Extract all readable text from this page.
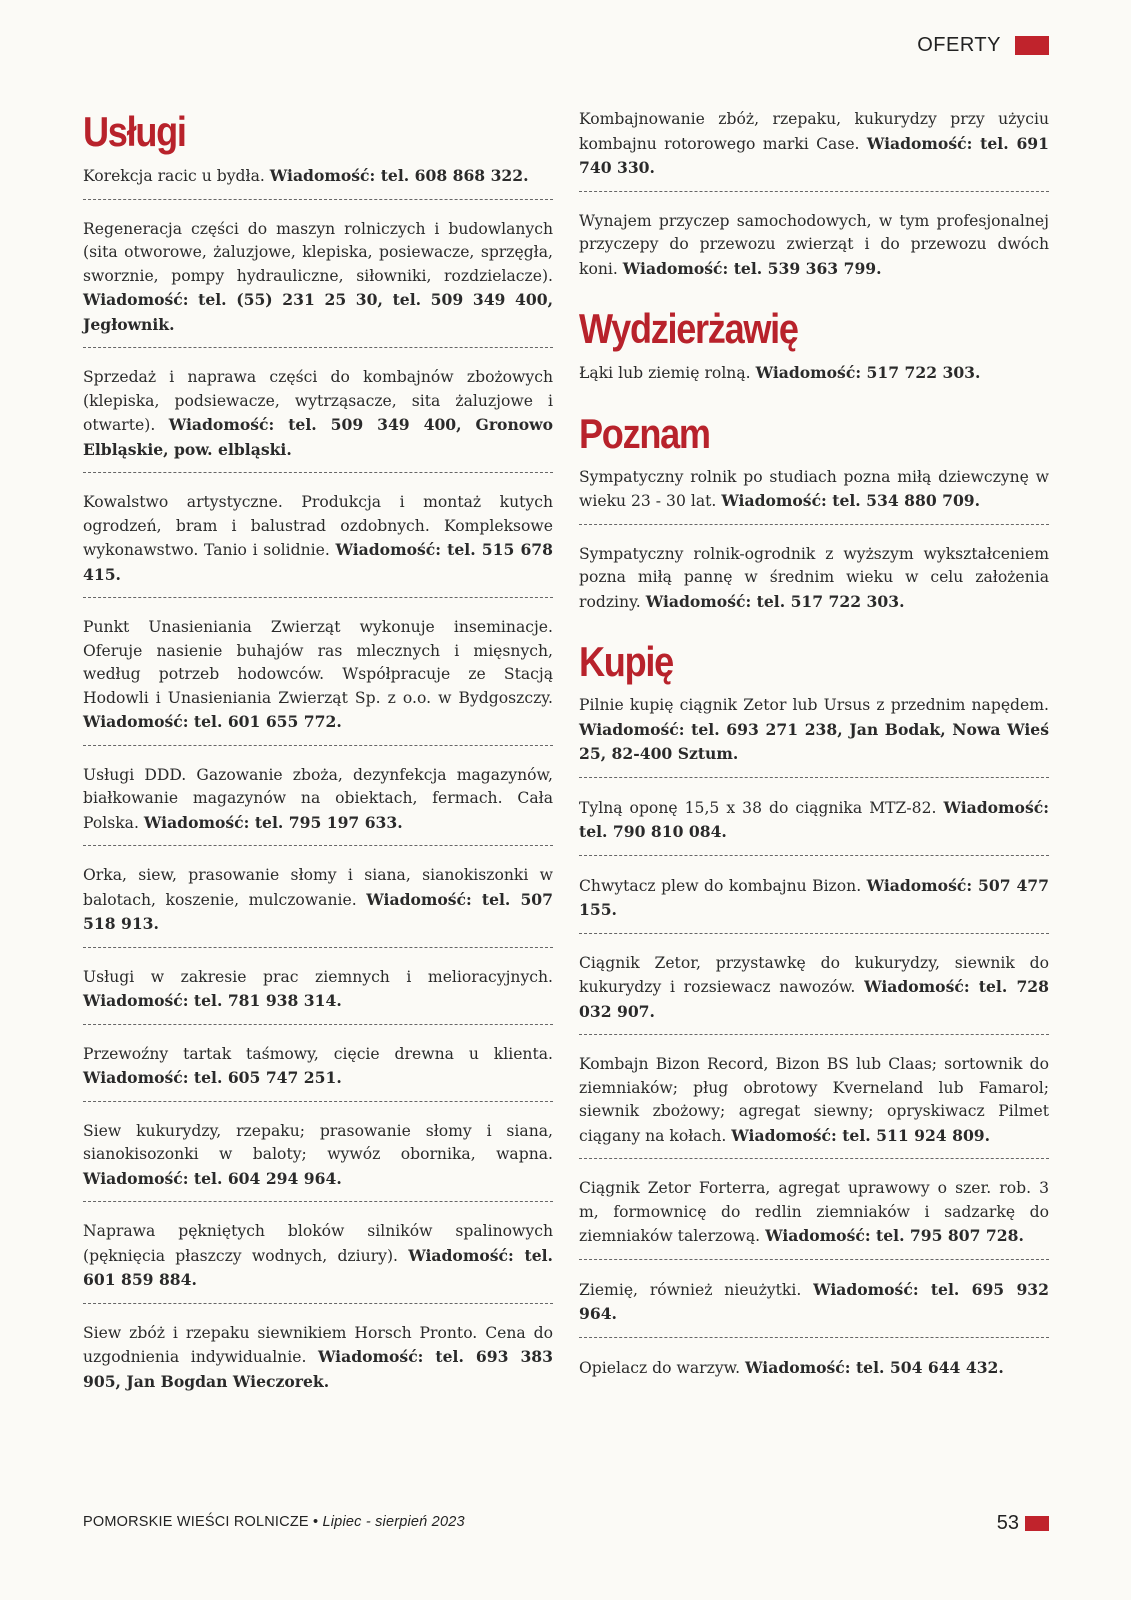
OFERTY
Usługi

Korekcja racic u bydła. Wiadomość: tel. 608 868 322.

Regeneracja części do maszyn rolniczych i budowlanych (sita otworowe, żaluzjowe, klepiska, posiewacze, sprzęgła, sworznie, pompy hydrauliczne, siłowniki, rozdzielacze). Wiadomość: tel. (55) 231 25 30, tel. 509 349 400, Jegłownik.

Sprzedaż i naprawa części do kombajnów zbożowych (klepiska, podsiewacze, wytrząsacze, sita żaluzjowe i otwarte). Wiadomość: tel. 509 349 400, Gronowo Elbląskie, pow. elbląski.

Kowalstwo artystyczne. Produkcja i montaż kutych ogrodzeń, bram i balustrad ozdobnych. Kompleksowe wykonawstwo. Tanio i solidnie. Wiadomość: tel. 515 678 415.

Punkt Unasieniania Zwierząt wykonuje inseminacje. Oferuje nasienie buhajów ras mlecznych i mięsnych, według potrzeb hodowców. Współpracuje ze Stacją Hodowli i Unasieniania Zwierząt Sp. z o.o. w Bydgoszczy. Wiadomość: tel. 601 655 772.

Usługi DDD. Gazowanie zboża, dezynfekcja magazynów, białkowanie magazynów na obiektach, fermach. Cała Polska. Wiadomość: tel. 795 197 633.

Orka, siew, prasowanie słomy i siana, sianokiszonki w balotach, koszenie, mulczowanie. Wiadomość: tel. 507 518 913.

Usługi w zakresie prac ziemnych i melioracyjnych. Wiadomość: tel. 781 938 314.

Przewoźny tartak taśmowy, cięcie drewna u klienta. Wiadomość: tel. 605 747 251.

Siew kukurydzy, rzepaku; prasowanie słomy i siana, sianokisozonki w baloty; wywóz obornika, wapna. Wiadomość: tel. 604 294 964.

Naprawa pękniętych bloków silników spalinowych (pęknięcia płaszczy wodnych, dziury). Wiadomość: tel. 601 859 884.

Siew zbóż i rzepaku siewnikiem Horsch Pronto. Cena do uzgodnienia indywidualnie. Wiadomość: tel. 693 383 905, Jan Bogdan Wieczorek.

Kombajnowanie zbóż, rzepaku, kukurydzy przy użyciu kombajnu rotorowego marki Case. Wiadomość: tel. 691 740 330.

Wynajem przyczep samochodowych, w tym profesjonalnej przyczepy do przewozu zwierząt i do przewozu dwóch koni. Wiadomość: tel. 539 363 799.

Wydzierżawię

Łąki lub ziemię rolną. Wiadomość: 517 722 303.

Poznam

Sympatyczny rolnik po studiach pozna miłą dziewczynę w wieku 23 - 30 lat. Wiadomość: tel. 534 880 709.

Sympatyczny rolnik-ogrodnik z wyższym wykształceniem pozna miłą pannę w średnim wieku w celu założenia rodziny. Wiadomość: tel. 517 722 303.

Kupię

Pilnie kupię ciągnik Zetor lub Ursus z przednim napędem. Wiadomość: tel. 693 271 238, Jan Bodak, Nowa Wieś 25, 82-400 Sztum.

Tylną oponę 15,5 x 38 do ciągnika MTZ-82. Wiadomość: tel. 790 810 084.

Chwytacz plew do kombajnu Bizon. Wiadomość: 507 477 155.

Ciągnik Zetor, przystawkę do kukurydzy, siewnik do kukurydzy i rozsiewacz nawozów. Wiadomość: tel. 728 032 907.

Kombajn Bizon Record, Bizon BS lub Claas; sortownik do ziemniaków; pług obrotowy Kverneland lub Famarol; siewnik zbożowy; agregat siewny; opryskiwacz Pilmet ciągany na kołach. Wiadomość: tel. 511 924 809.

Ciągnik Zetor Forterra, agregat uprawowy o szer. rob. 3 m, formownicę do redlin ziemniaków i sadzarkę do ziemniaków talerzową. Wiadomość: tel. 795 807 728.

Ziemię, również nieużytki. Wiadomość: tel. 695 932 964.

Opielacz do warzyw. Wiadomość: tel. 504 644 432.

POMORSKIE WIEŚCI ROLNICZE • Lipiec - sierpień 2023	53
